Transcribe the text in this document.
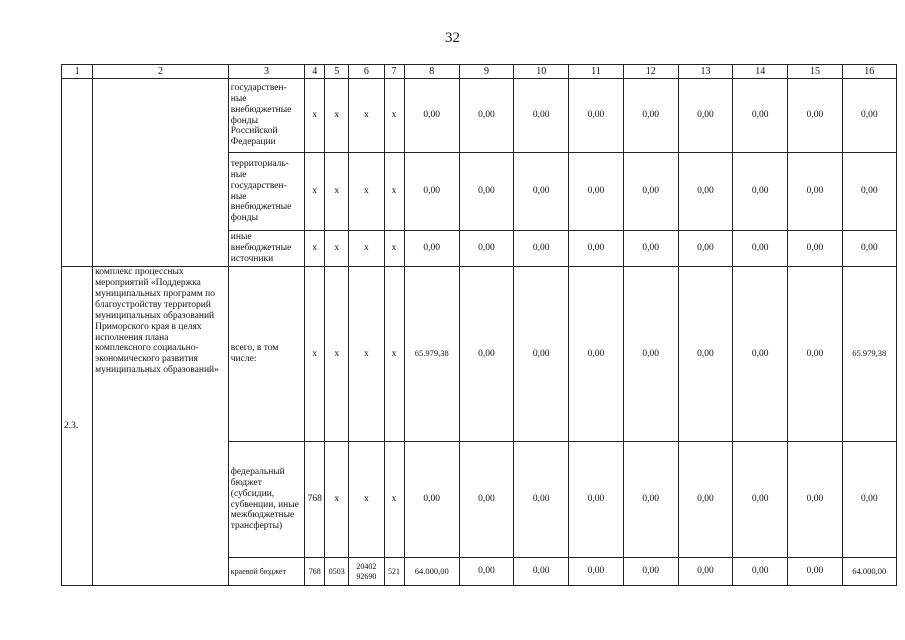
32
1	2	3	4	5	6	7	8	9	10	11	12	13	14	15	16
		государствен-ные внебюджетные фонды Российской Федерации	x	x	x	x	0,00	0,00	0,00	0,00	0,00	0,00	0,00	0,00	0,00
		территориаль-ные государствен-ные внебюджетные фонды	x	x	x	x	0,00	0,00	0,00	0,00	0,00	0,00	0,00	0,00	0,00
		иные внебюджетные источники	x	x	x	x	0,00	0,00	0,00	0,00	0,00	0,00	0,00	0,00	0,00
2.3.	комплекс процессных мероприятий «Поддержка муниципальных программ по благоустройству территорий муниципальных образований Приморского края в целях исполнения плана комплексного социально-экономического развития муниципальных образований»	всего, в том числе:	x	x	x	x	65.979,38	0,00	0,00	0,00	0,00	0,00	0,00	0,00	65.979,38
		федеральный бюджет (субсидии, субвенции, иные межбюджетные трансферты)	768	x	x	x	0,00	0,00	0,00	0,00	0,00	0,00	0,00	0,00	0,00
		краевой бюджет	768	0503	20402 92690	521	64.000,00	0,00	0,00	0,00	0,00	0,00	0,00	0,00	64.000,00
